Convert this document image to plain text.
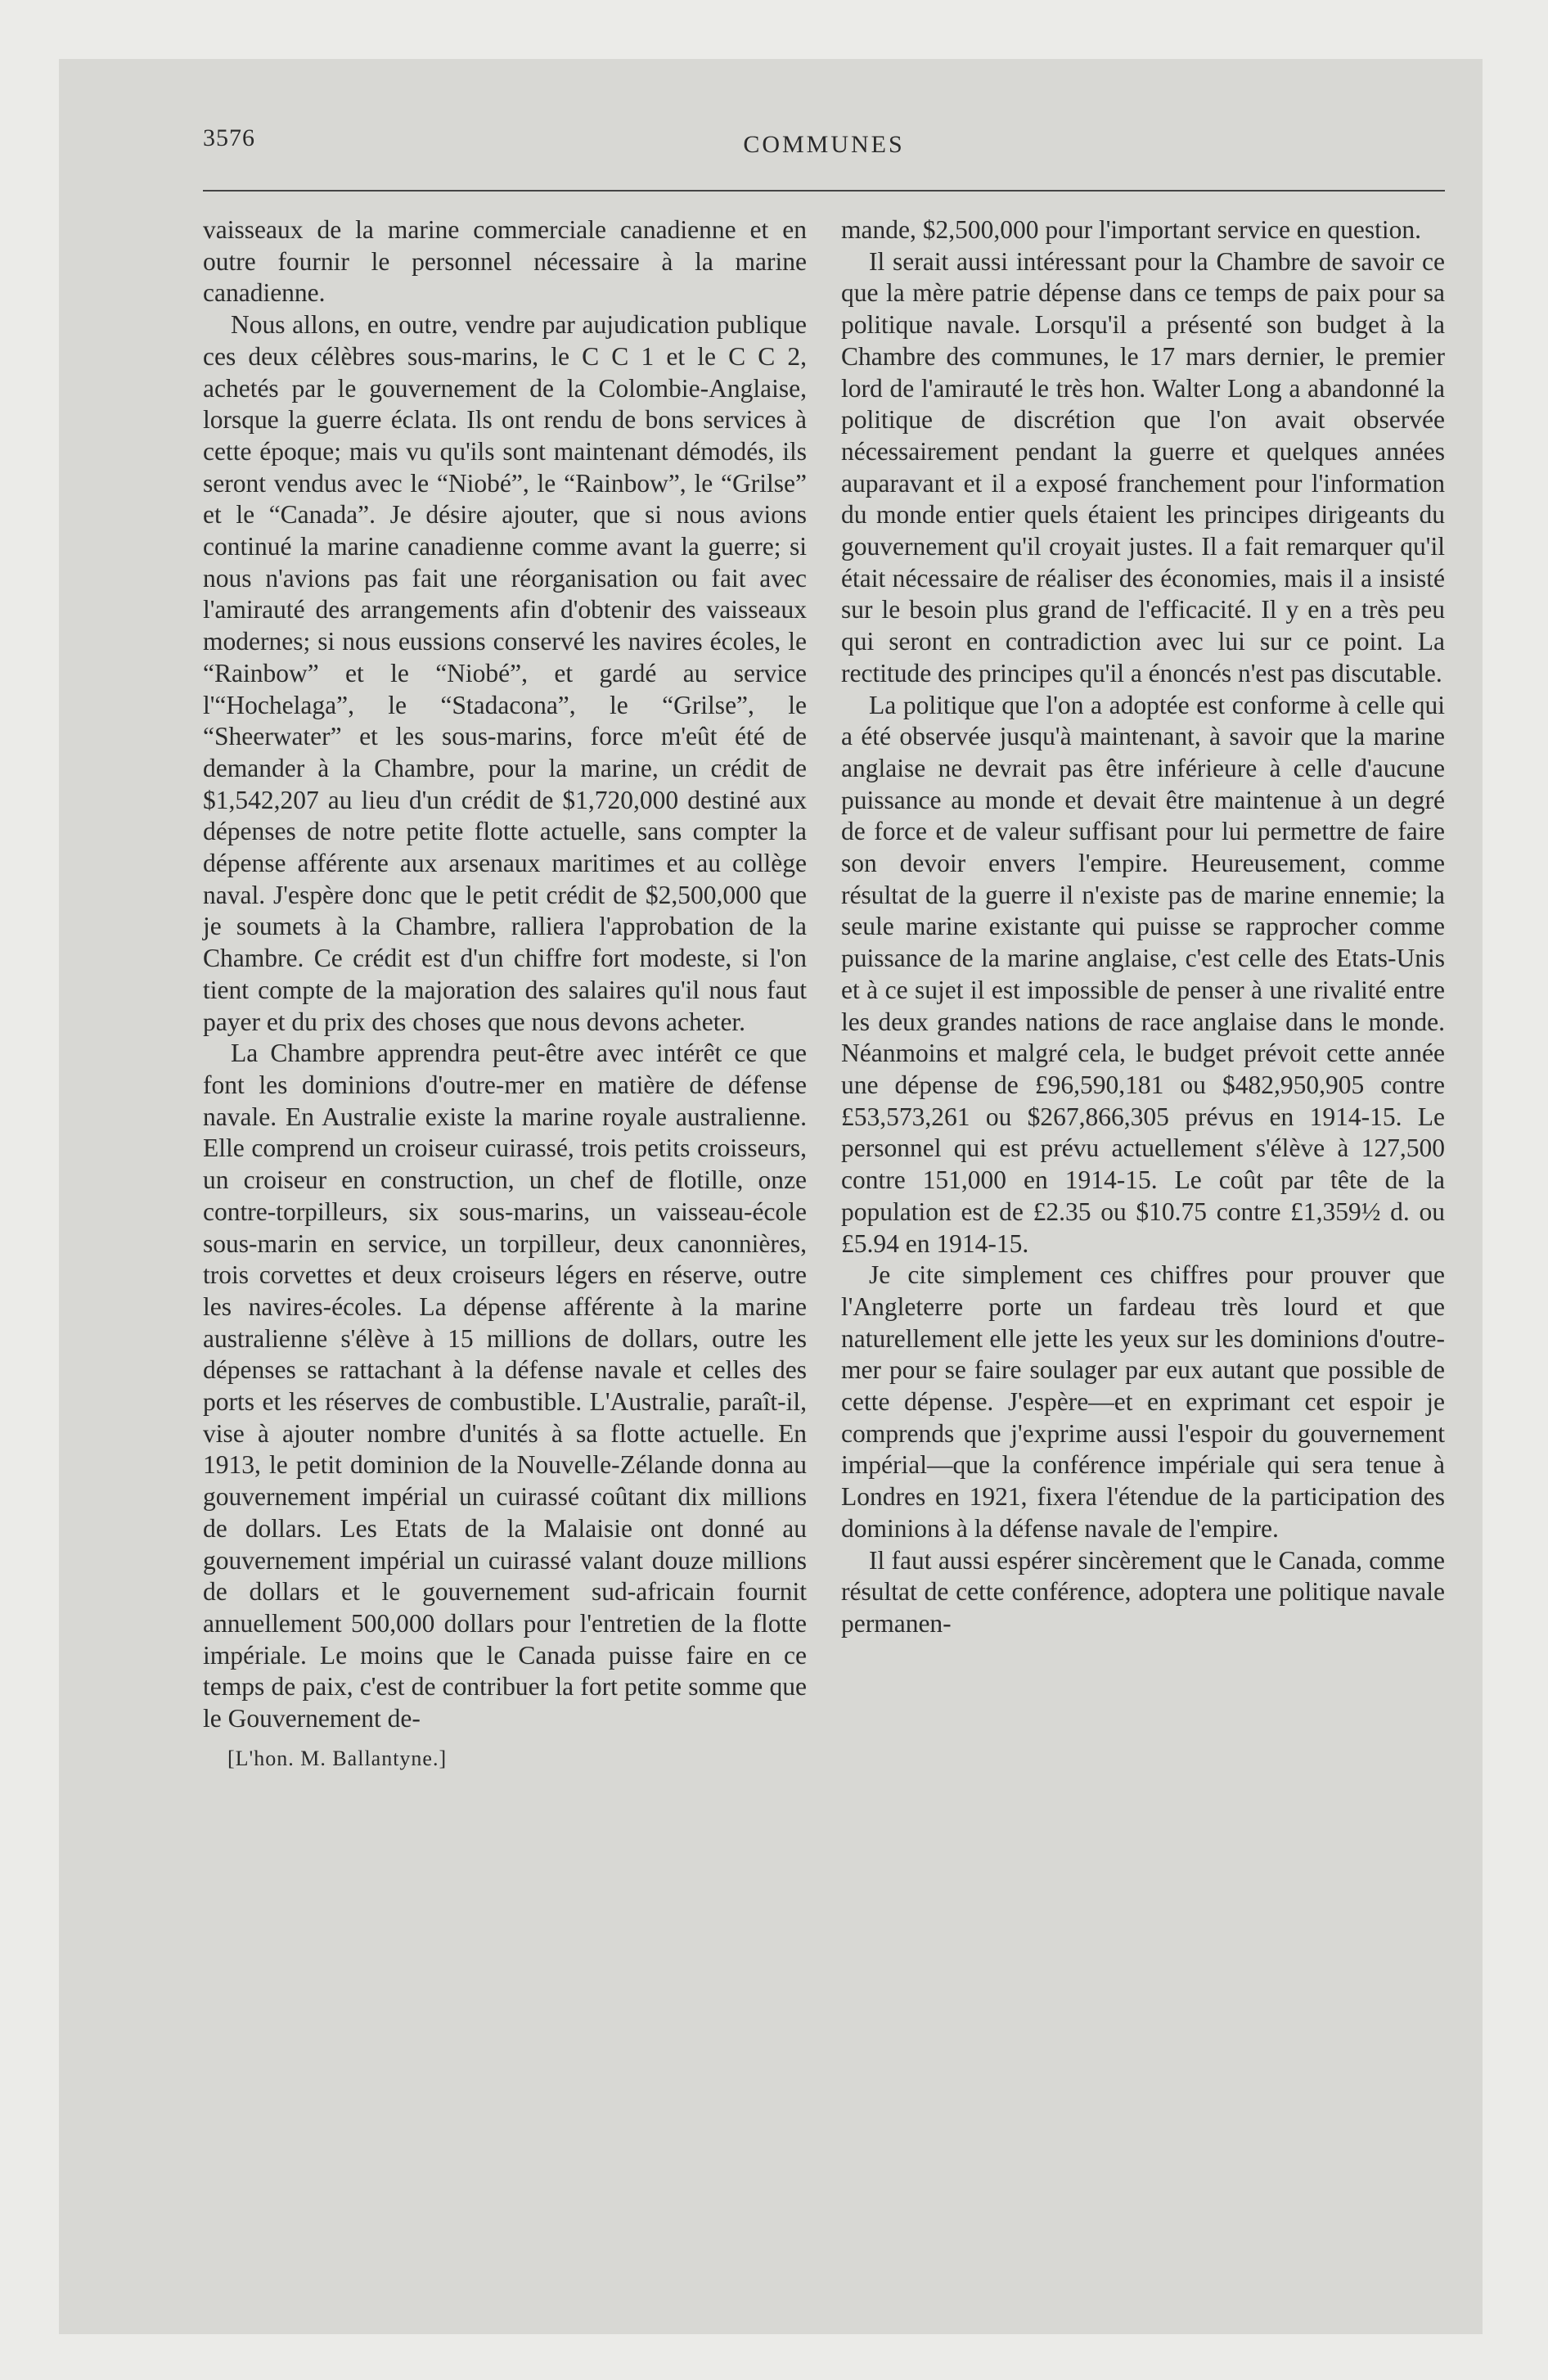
3576	COMMUNES

vaisseaux de la marine commerciale canadienne et en outre fournir le personnel nécessaire à la marine canadienne.

Nous allons, en outre, vendre par aujudication publique ces deux célèbres sous-marins, le C C 1 et le C C 2, achetés par le gouvernement de la Colombie-Anglaise, lorsque la guerre éclata. Ils ont rendu de bons services à cette époque; mais vu qu'ils sont maintenant démodés, ils seront vendus avec le “Niobé”, le “Rainbow”, le “Grilse” et le “Canada”. Je désire ajouter, que si nous avions continué la marine canadienne comme avant la guerre; si nous n'avions pas fait une réorganisation ou fait avec l'amirauté des arrangements afin d'obtenir des vaisseaux modernes; si nous eussions conservé les navires écoles, le “Rainbow” et le “Niobé”, et gardé au service l'“Hochelaga”, le “Stadacona”, le “Grilse”, le “Sheerwater” et les sous-marins, force m'eût été de demander à la Chambre, pour la marine, un crédit de $1,542,207 au lieu d'un crédit de $1,720,000 destiné aux dépenses de notre petite flotte actuelle, sans compter la dépense afférente aux arsenaux maritimes et au collège naval. J'espère donc que le petit crédit de $2,500,000 que je soumets à la Chambre, ralliera l'approbation de la Chambre. Ce crédit est d'un chiffre fort modeste, si l'on tient compte de la majoration des salaires qu'il nous faut payer et du prix des choses que nous devons acheter.

La Chambre apprendra peut-être avec intérêt ce que font les dominions d'outre-mer en matière de défense navale. En Australie existe la marine royale australienne. Elle comprend un croiseur cuirassé, trois petits croisseurs, un croiseur en construction, un chef de flotille, onze contre-torpilleurs, six sous-marins, un vaisseau-école sous-marin en service, un torpilleur, deux canonnières, trois corvettes et deux croiseurs légers en réserve, outre les navires-écoles. La dépense afférente à la marine australienne s'élève à 15 millions de dollars, outre les dépenses se rattachant à la défense navale et celles des ports et les réserves de combustible. L'Australie, paraît-il, vise à ajouter nombre d'unités à sa flotte actuelle. En 1913, le petit dominion de la Nouvelle-Zélande donna au gouvernement impérial un cuirassé coûtant dix millions de dollars. Les Etats de la Malaisie ont donné au gouvernement impérial un cuirassé valant douze millions de dollars et le gouvernement sud-africain fournit annuellement 500,000 dollars pour l'entretien de la flotte impériale. Le moins que le Canada puisse faire en ce temps de paix, c'est de contribuer la fort petite somme que le Gouvernement de-

[L'hon. M. Ballantyne.]

mande, $2,500,000 pour l'important service en question.

Il serait aussi intéressant pour la Chambre de savoir ce que la mère patrie dépense dans ce temps de paix pour sa politique navale. Lorsqu'il a présenté son budget à la Chambre des communes, le 17 mars dernier, le premier lord de l'amirauté le très hon. Walter Long a abandonné la politique de discrétion que l'on avait observée nécessairement pendant la guerre et quelques années auparavant et il a exposé franchement pour l'information du monde entier quels étaient les principes dirigeants du gouvernement qu'il croyait justes. Il a fait remarquer qu'il était nécessaire de réaliser des économies, mais il a insisté sur le besoin plus grand de l'efficacité. Il y en a très peu qui seront en contradiction avec lui sur ce point. La rectitude des principes qu'il a énoncés n'est pas discutable.

La politique que l'on a adoptée est conforme à celle qui a été observée jusqu'à maintenant, à savoir que la marine anglaise ne devrait pas être inférieure à celle d'aucune puissance au monde et devait être maintenue à un degré de force et de valeur suffisant pour lui permettre de faire son devoir envers l'empire. Heureusement, comme résultat de la guerre il n'existe pas de marine ennemie; la seule marine existante qui puisse se rapprocher comme puissance de la marine anglaise, c'est celle des Etats-Unis et à ce sujet il est impossible de penser à une rivalité entre les deux grandes nations de race anglaise dans le monde. Néanmoins et malgré cela, le budget prévoit cette année une dépense de £96,590,181 ou $482,950,905 contre £53,573,261 ou $267,866,305 prévus en 1914-15. Le personnel qui est prévu actuellement s'élève à 127,500 contre 151,000 en 1914-15. Le coût par tête de la population est de £2.35 ou $10.75 contre £1,359½ d. ou £5.94 en 1914-15.

Je cite simplement ces chiffres pour prouver que l'Angleterre porte un fardeau très lourd et que naturellement elle jette les yeux sur les dominions d'outre-mer pour se faire soulager par eux autant que possible de cette dépense. J'espère—et en exprimant cet espoir je comprends que j'exprime aussi l'espoir du gouvernement impérial—que la conférence impériale qui sera tenue à Londres en 1921, fixera l'étendue de la participation des dominions à la défense navale de l'empire.

Il faut aussi espérer sincèrement que le Canada, comme résultat de cette conférence, adoptera une politique navale permanen-
